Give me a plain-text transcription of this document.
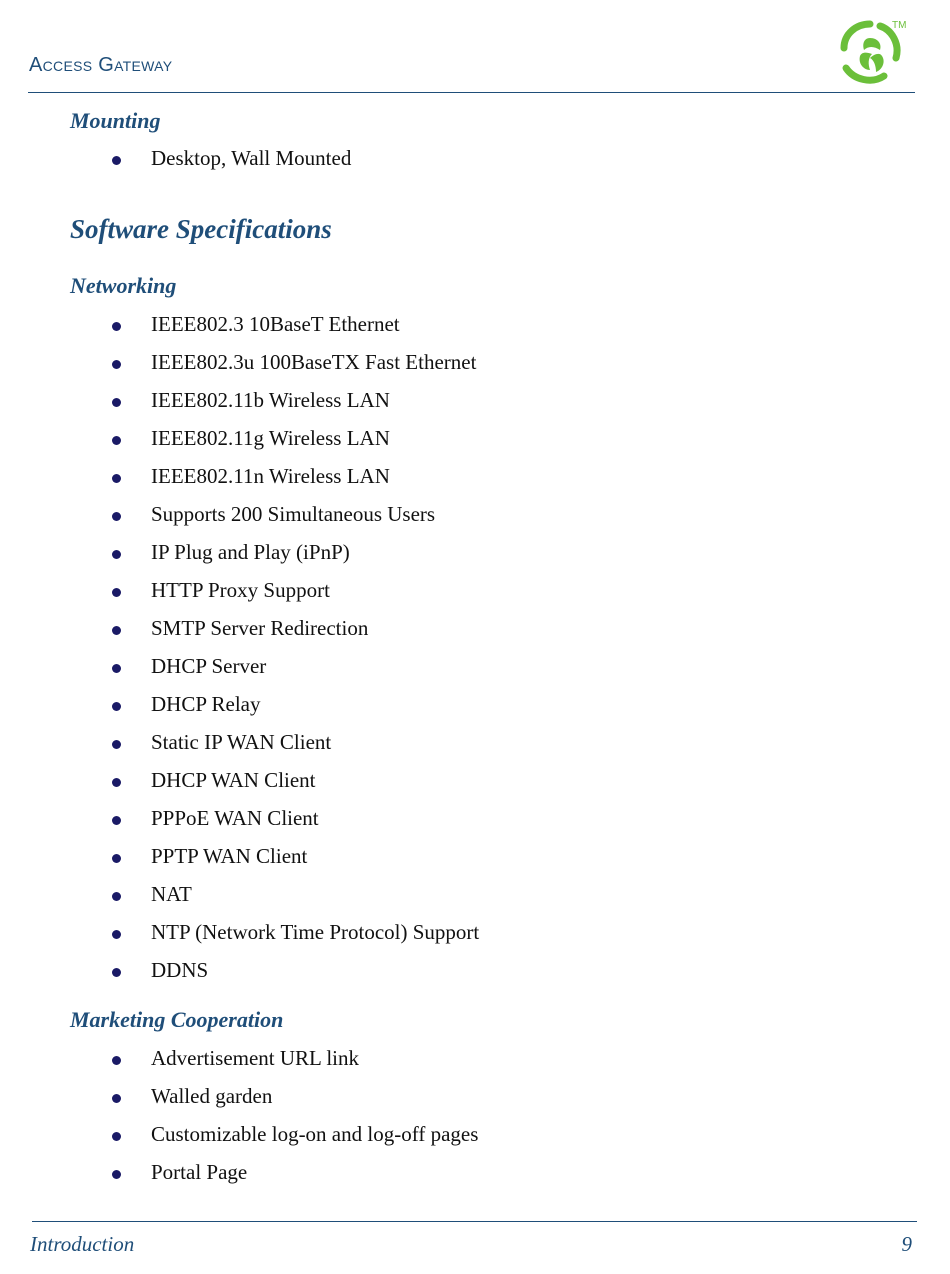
Access Gateway
TM
Mounting
Desktop, Wall Mounted
Software Specifications
Networking
IEEE802.3 10BaseT Ethernet
IEEE802.3u 100BaseTX Fast Ethernet
IEEE802.11b Wireless LAN
IEEE802.11g Wireless LAN
IEEE802.11n Wireless LAN
Supports 200 Simultaneous Users
IP Plug and Play (iPnP)
HTTP Proxy Support
SMTP Server Redirection
DHCP Server
DHCP Relay
Static IP WAN Client
DHCP WAN Client
PPPoE WAN Client
PPTP WAN Client
NAT
NTP (Network Time Protocol) Support
DDNS
Marketing Cooperation
Advertisement URL link
Walled garden
Customizable log-on and log-off pages
Portal Page
Introduction	9
